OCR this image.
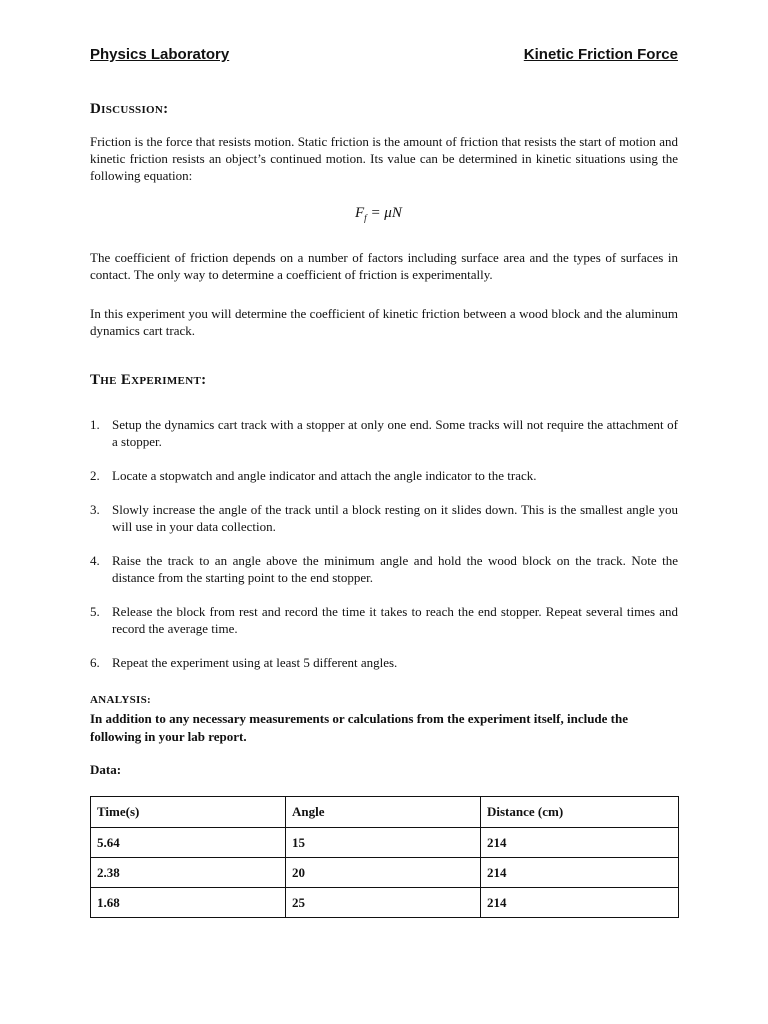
Physics Laboratory	Kinetic Friction Force
Discussion:
Friction is the force that resists motion. Static friction is the amount of friction that resists the start of motion and kinetic friction resists an object’s continued motion. Its value can be determined in kinetic situations using the following equation:
$F_f = \mu N$
The coefficient of friction depends on a number of factors including surface area and the types of surfaces in contact. The only way to determine a coefficient of friction is experimentally.
In this experiment you will determine the coefficient of kinetic friction between a wood block and the aluminum dynamics cart track.
The Experiment:
1. Setup the dynamics cart track with a stopper at only one end. Some tracks will not require the attachment of a stopper.
2. Locate a stopwatch and angle indicator and attach the angle indicator to the track.
3. Slowly increase the angle of the track until a block resting on it slides down. This is the smallest angle you will use in your data collection.
4. Raise the track to an angle above the minimum angle and hold the wood block on the track. Note the distance from the starting point to the end stopper.
5. Release the block from rest and record the time it takes to reach the end stopper. Repeat several times and record the average time.
6. Repeat the experiment using at least 5 different angles.
ANALYSIS:
In addition to any necessary measurements or calculations from the experiment itself, include the following in your lab report.
Data:
Time(s)	Angle	Distance (cm)
5.64	15	214
2.38	20	214
1.68	25	214
